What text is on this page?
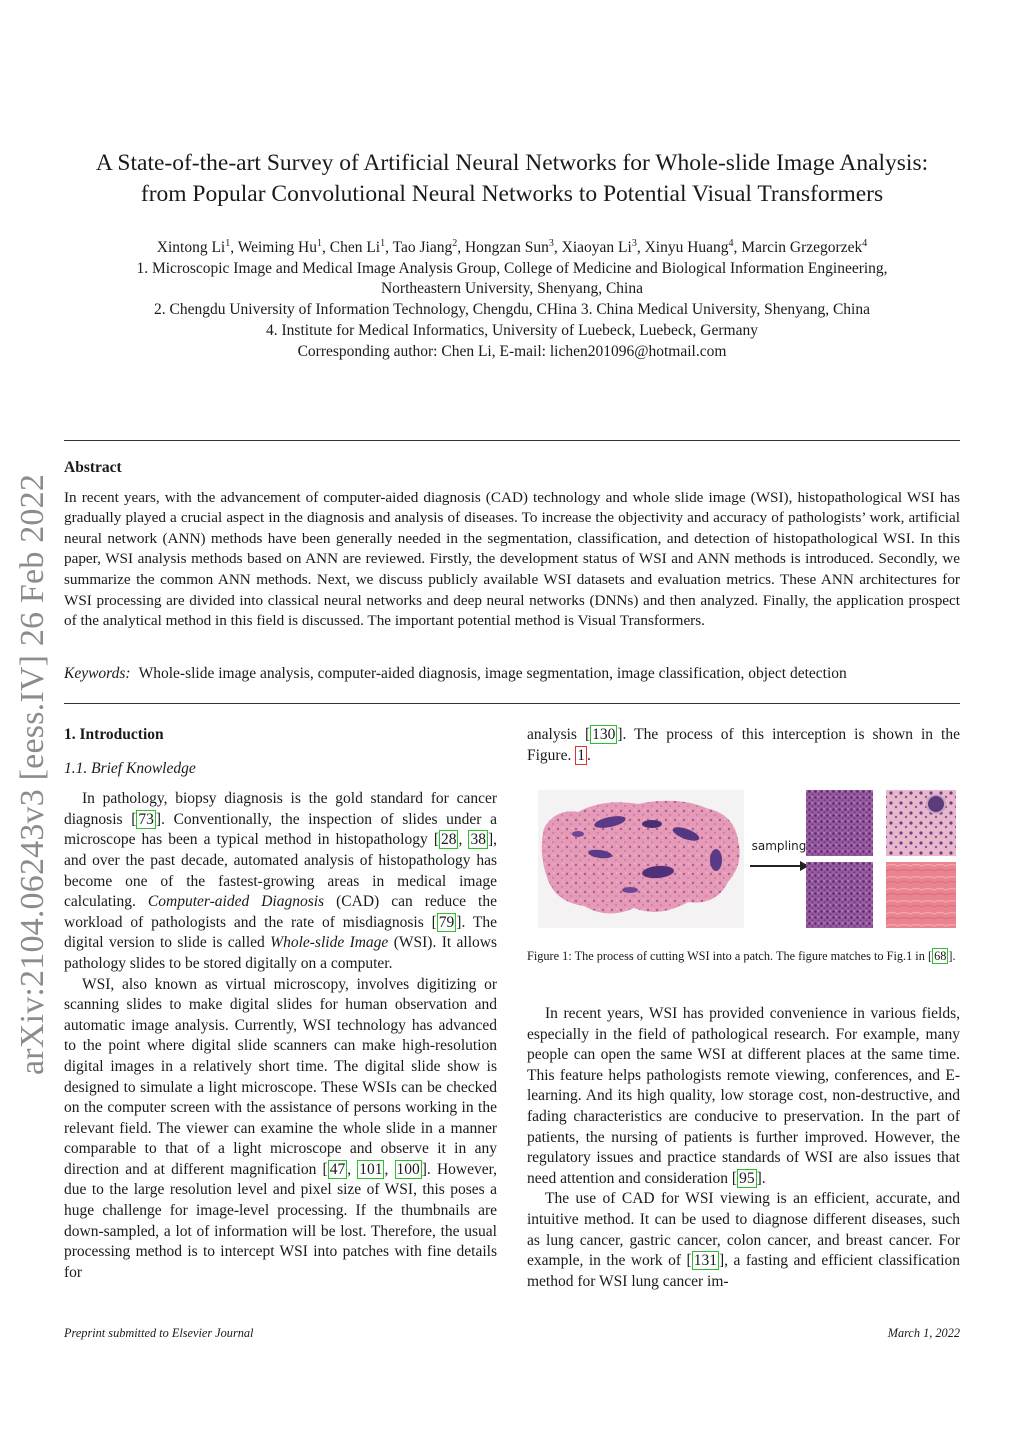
arXiv:2104.06243v3 [eess.IV] 26 Feb 2022

A State-of-the-art Survey of Artificial Neural Networks for Whole-slide Image Analysis:

from Popular Convolutional Neural Networks to Potential Visual Transformers

Xintong Li$^1$, Weiming Hu$^1$, Chen Li$^1$, Tao Jiang$^2$, Hongzan Sun$^3$, Xiaoyan Li$^3$, Xinyu Huang$^4$, Marcin Grzegorzek$^4$
1. Microscopic Image and Medical Image Analysis Group, College of Medicine and Biological Information Engineering,
Northeastern University, Shenyang, China
2. Chengdu University of Information Technology, Chengdu, CHina 3. China Medical University, Shenyang, China
4. Institute for Medical Informatics, University of Luebeck, Luebeck, Germany
Corresponding author: Chen Li, E-mail: lichen201096@hotmail.com
Abstract

In recent years, with the advancement of computer-aided diagnosis (CAD) technology and whole slide image (WSI), histopathological WSI has gradually played a crucial aspect in the diagnosis and analysis of diseases. To increase the objectivity and accuracy of pathologists’ work, artificial neural network (ANN) methods have been generally needed in the segmentation, classification, and detection of histopathological WSI. In this paper, WSI analysis methods based on ANN are reviewed. Firstly, the development status of WSI and ANN methods is introduced. Secondly, we summarize the common ANN methods. Next, we discuss publicly available WSI datasets and evaluation metrics. These ANN architectures for WSI processing are divided into classical neural networks and deep neural networks (DNNs) and then analyzed. Finally, the application prospect of the analytical method in this field is discussed. The important potential method is Visual Transformers.

Keywords: Whole-slide image analysis, computer-aided diagnosis, image segmentation, image classification, object detection
1. Introduction

1.1. Brief Knowledge

In pathology, biopsy diagnosis is the gold standard for cancer diagnosis [ 73 ]. Conventionally, the inspection of slides under a microscope has been a typical method in histopathology [ 28 , 38 ], and over the past decade, automated analysis of histopathology has become one of the fastest-growing areas in medical image calculating. Computer-aided Diagnosis (CAD) can reduce the workload of pathologists and the rate of misdiagnosis [ 79 ]. The digital version to slide is called Whole-slide Image (WSI). It allows pathology slides to be stored digitally on a computer.

WSI, also known as virtual microscopy, involves digitizing or scanning slides to make digital slides for human observation and automatic image analysis. Currently, WSI technology has advanced to the point where digital slide scanners can make high-resolution digital images in a relatively short time. The digital slide show is designed to simulate a light microscope. These WSIs can be checked on the computer screen with the assistance of persons working in the relevant field. The viewer can examine the whole slide in a manner comparable to that of a light microscope and observe it in any direction and at different magnification [ 47 , 101 , 100 ]. However, due to the large resolution level and pixel size of WSI, this poses a huge challenge for image-level processing. If the thumbnails are down-sampled, a lot of information will be lost. Therefore, the usual processing method is to intercept WSI into patches with fine details for

analysis [ 130 ]. The process of this interception is shown in the Figure. 1 .

sampling
Figure 1: The process of cutting WSI into a patch. The figure matches to Fig.1 in [ 68 ].

In recent years, WSI has provided convenience in various fields, especially in the field of pathological research. For example, many people can open the same WSI at different places at the same time. This feature helps pathologists remote viewing, conferences, and E-learning. And its high quality, low storage cost, non-destructive, and fading characteristics are conducive to preservation. In the part of patients, the nursing of patients is further improved. However, the regulatory issues and practice standards of WSI are also issues that need attention and consideration [ 95 ].

The use of CAD for WSI viewing is an efficient, accurate, and intuitive method. It can be used to diagnose different diseases, such as lung cancer, gastric cancer, colon cancer, and breast cancer. For example, in the work of [ 131 ], a fasting and efficient classification method for WSI lung cancer im-

Preprint submitted to Elsevier Journal	March 1, 2022
